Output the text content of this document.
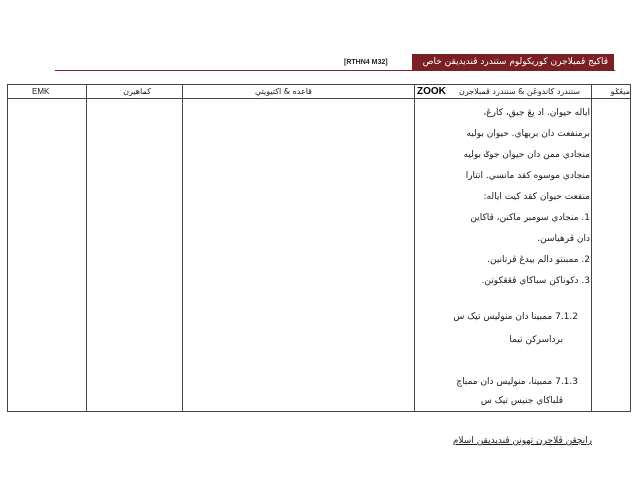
[RTHN4 M32]	ڤاکيج ڤمبلاجرن کوريکولوم ستندرد ڤنديديقن خاص
EMK	کماهيرن	قاعده & اکتيويتي	ZOOK	ستندرد کاندوڠن & ستندرد ڤمبلاجرن	ميڠݢو
اياله حيوان. اد يڠ جيق، کارڠ،
برمنفعت دان بربهاي. حيوان بوليه
منجادي ممن دان حيوان جوݢ بوليه
منجادي موسوه کقد مانسي. انتارا
منفعت حيوان کقد کيت اياله:
1. منجادي سومبر ماکنن، ڤاکاين
دان ڤرهياسن.
2. ممبنتو دالم بيدڠ ڤرتانين.
3. دکوناکن سباکاي ڤڠڠکوتن.
7.1.2 ممبينا دان منوليس تيک س
برداسرکن تيما
7.1.3 ممبينا، منوليس دان ممباچ
ڤلباکاي جنيس تيک س
رانچڠن ڤلاجرن تهونن ڤنديديقن اسلام
